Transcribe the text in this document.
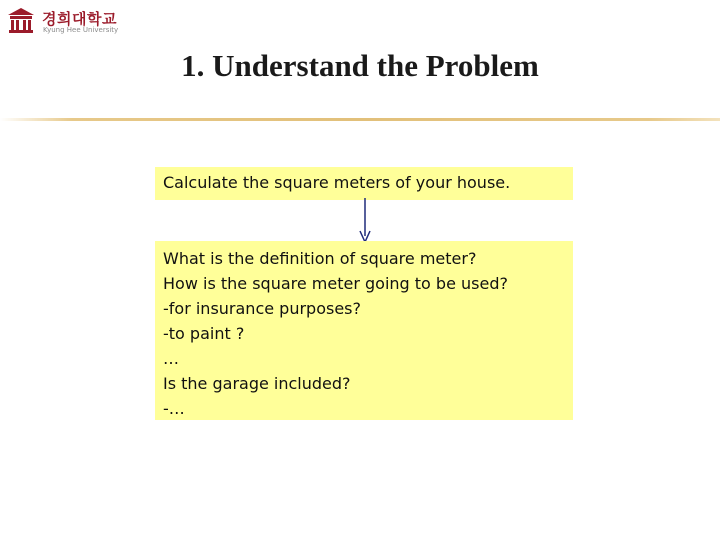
경희대학교
Kyung Hee University
1. Understand the Problem
Calculate the square meters of your house.
What is the definition of square meter?
How is the square meter going to be used?
-for insurance purposes?
-to paint ?
…
Is the garage included?
-…
